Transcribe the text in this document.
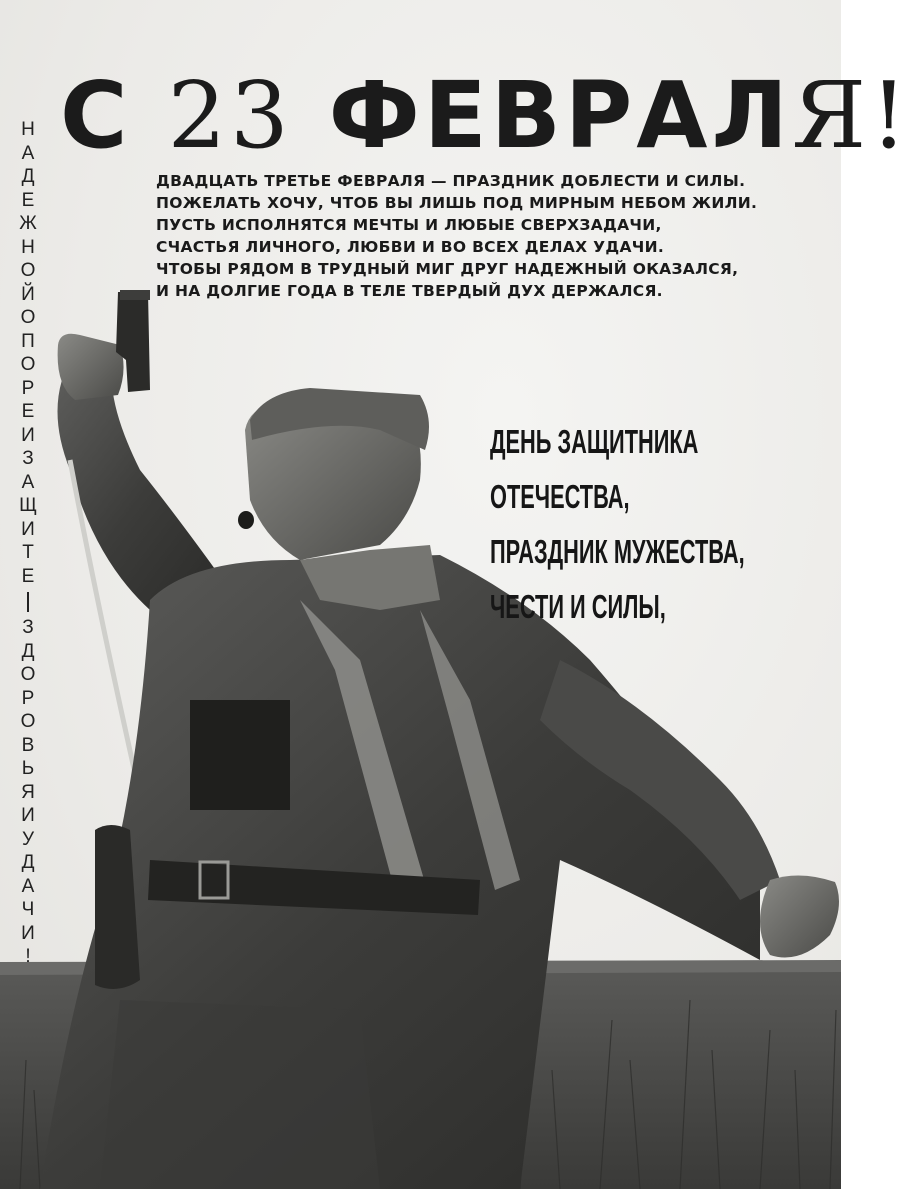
С 23 ФЕВРАЛЯ!
ДВАДЦАТЬ ТРЕТЬЕ ФЕВРАЛЯ — ПРАЗДНИК ДОБЛЕСТИ И СИЛЫ.
ПОЖЕЛАТЬ ХОЧУ, ЧТОБ ВЫ ЛИШЬ ПОД МИРНЫМ НЕБОМ ЖИЛИ.
ПУСТЬ ИСПОЛНЯТСЯ МЕЧТЫ И ЛЮБЫЕ СВЕРХЗАДАЧИ,
СЧАСТЬЯ ЛИЧНОГО, ЛЮБВИ И ВО ВСЕХ ДЕЛАХ УДАЧИ.
ЧТОБЫ РЯДОМ В ТРУДНЫЙ МИГ ДРУГ НАДЕЖНЫЙ ОКАЗАЛСЯ,
И НА ДОЛГИЕ ГОДА В ТЕЛЕ ТВЕРДЫЙ ДУХ ДЕРЖАЛСЯ.
ДЕНЬ ЗАЩИТНИКА
ОТЕЧЕСТВА,
ПРАЗДНИК МУЖЕСТВА,
ЧЕСТИ И СИЛЫ,
Н
А
Д
Е
Ж
Н
О
Й
О
П
О
Р
Е
И
З
А
Щ
И
Т
Е
З
Д
О
Р
О
В
Ь
Я
И
У
Д
А
Ч
И
!
